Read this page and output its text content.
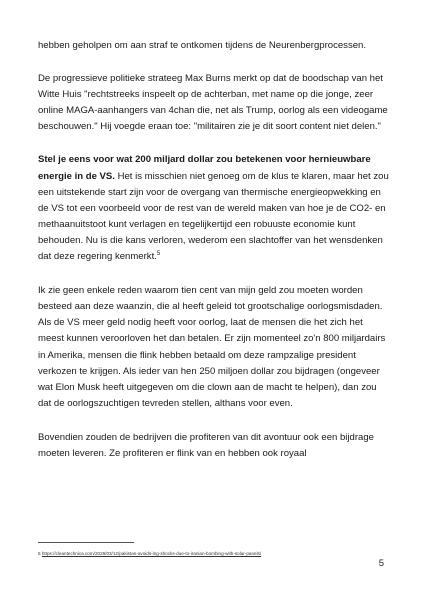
hebben geholpen om aan straf te ontkomen tijdens de Neurenbergprocessen.

De progressieve politieke strateeg Max Burns merkt op dat de boodschap van het Witte Huis "rechtstreeks inspeelt op de achterban, met name op die jonge, zeer online MAGA-aanhangers van 4chan die, net als Trump, oorlog als een videogame beschouwen." Hij voegde eraan toe: "militairen zie je dit soort content niet delen."

Stel je eens voor wat 200 miljard dollar zou betekenen voor hernieuwbare energie in de VS. Het is misschien niet genoeg om de klus te klaren, maar het zou een uitstekende start zijn voor de overgang van thermische energieopwekking en de VS tot een voorbeeld voor de rest van de wereld maken van hoe je de CO2- en methaanuitstoot kunt verlagen en tegelijkertijd een robuuste economie kunt behouden. Nu is die kans verloren, wederom een slachtoffer van het wensdenken dat deze regering kenmerkt.$^5$

Ik zie geen enkele reden waarom tien cent van mijn geld zou moeten worden besteed aan deze waanzin, die al heeft geleid tot grootschalige oorlogsmisdaden. Als de VS meer geld nodig heeft voor oorlog, laat de mensen die het zich het meest kunnen veroorloven het dan betalen. Er zijn momenteel zo'n 800 miljardairs in Amerika, mensen die flink hebben betaald om deze rampzalige president verkozen te krijgen. Als ieder van hen 250 miljoen dollar zou bijdragen (ongeveer wat Elon Musk heeft uitgegeven om die clown aan de macht te helpen), dan zou dat de oorlogszuchtigen tevreden stellen, althans voor even.

Bovendien zouden de bedrijven die profiteren van dit avontuur ook een bijdrage moeten leveren. Ze profiteren er flink van en hebben ook royaal

5 https://cleantechnica.com/2026/03/12/pakistan-avoids-lng-shocks-due-to-iranian-bombing-with-solar-panels/
5
